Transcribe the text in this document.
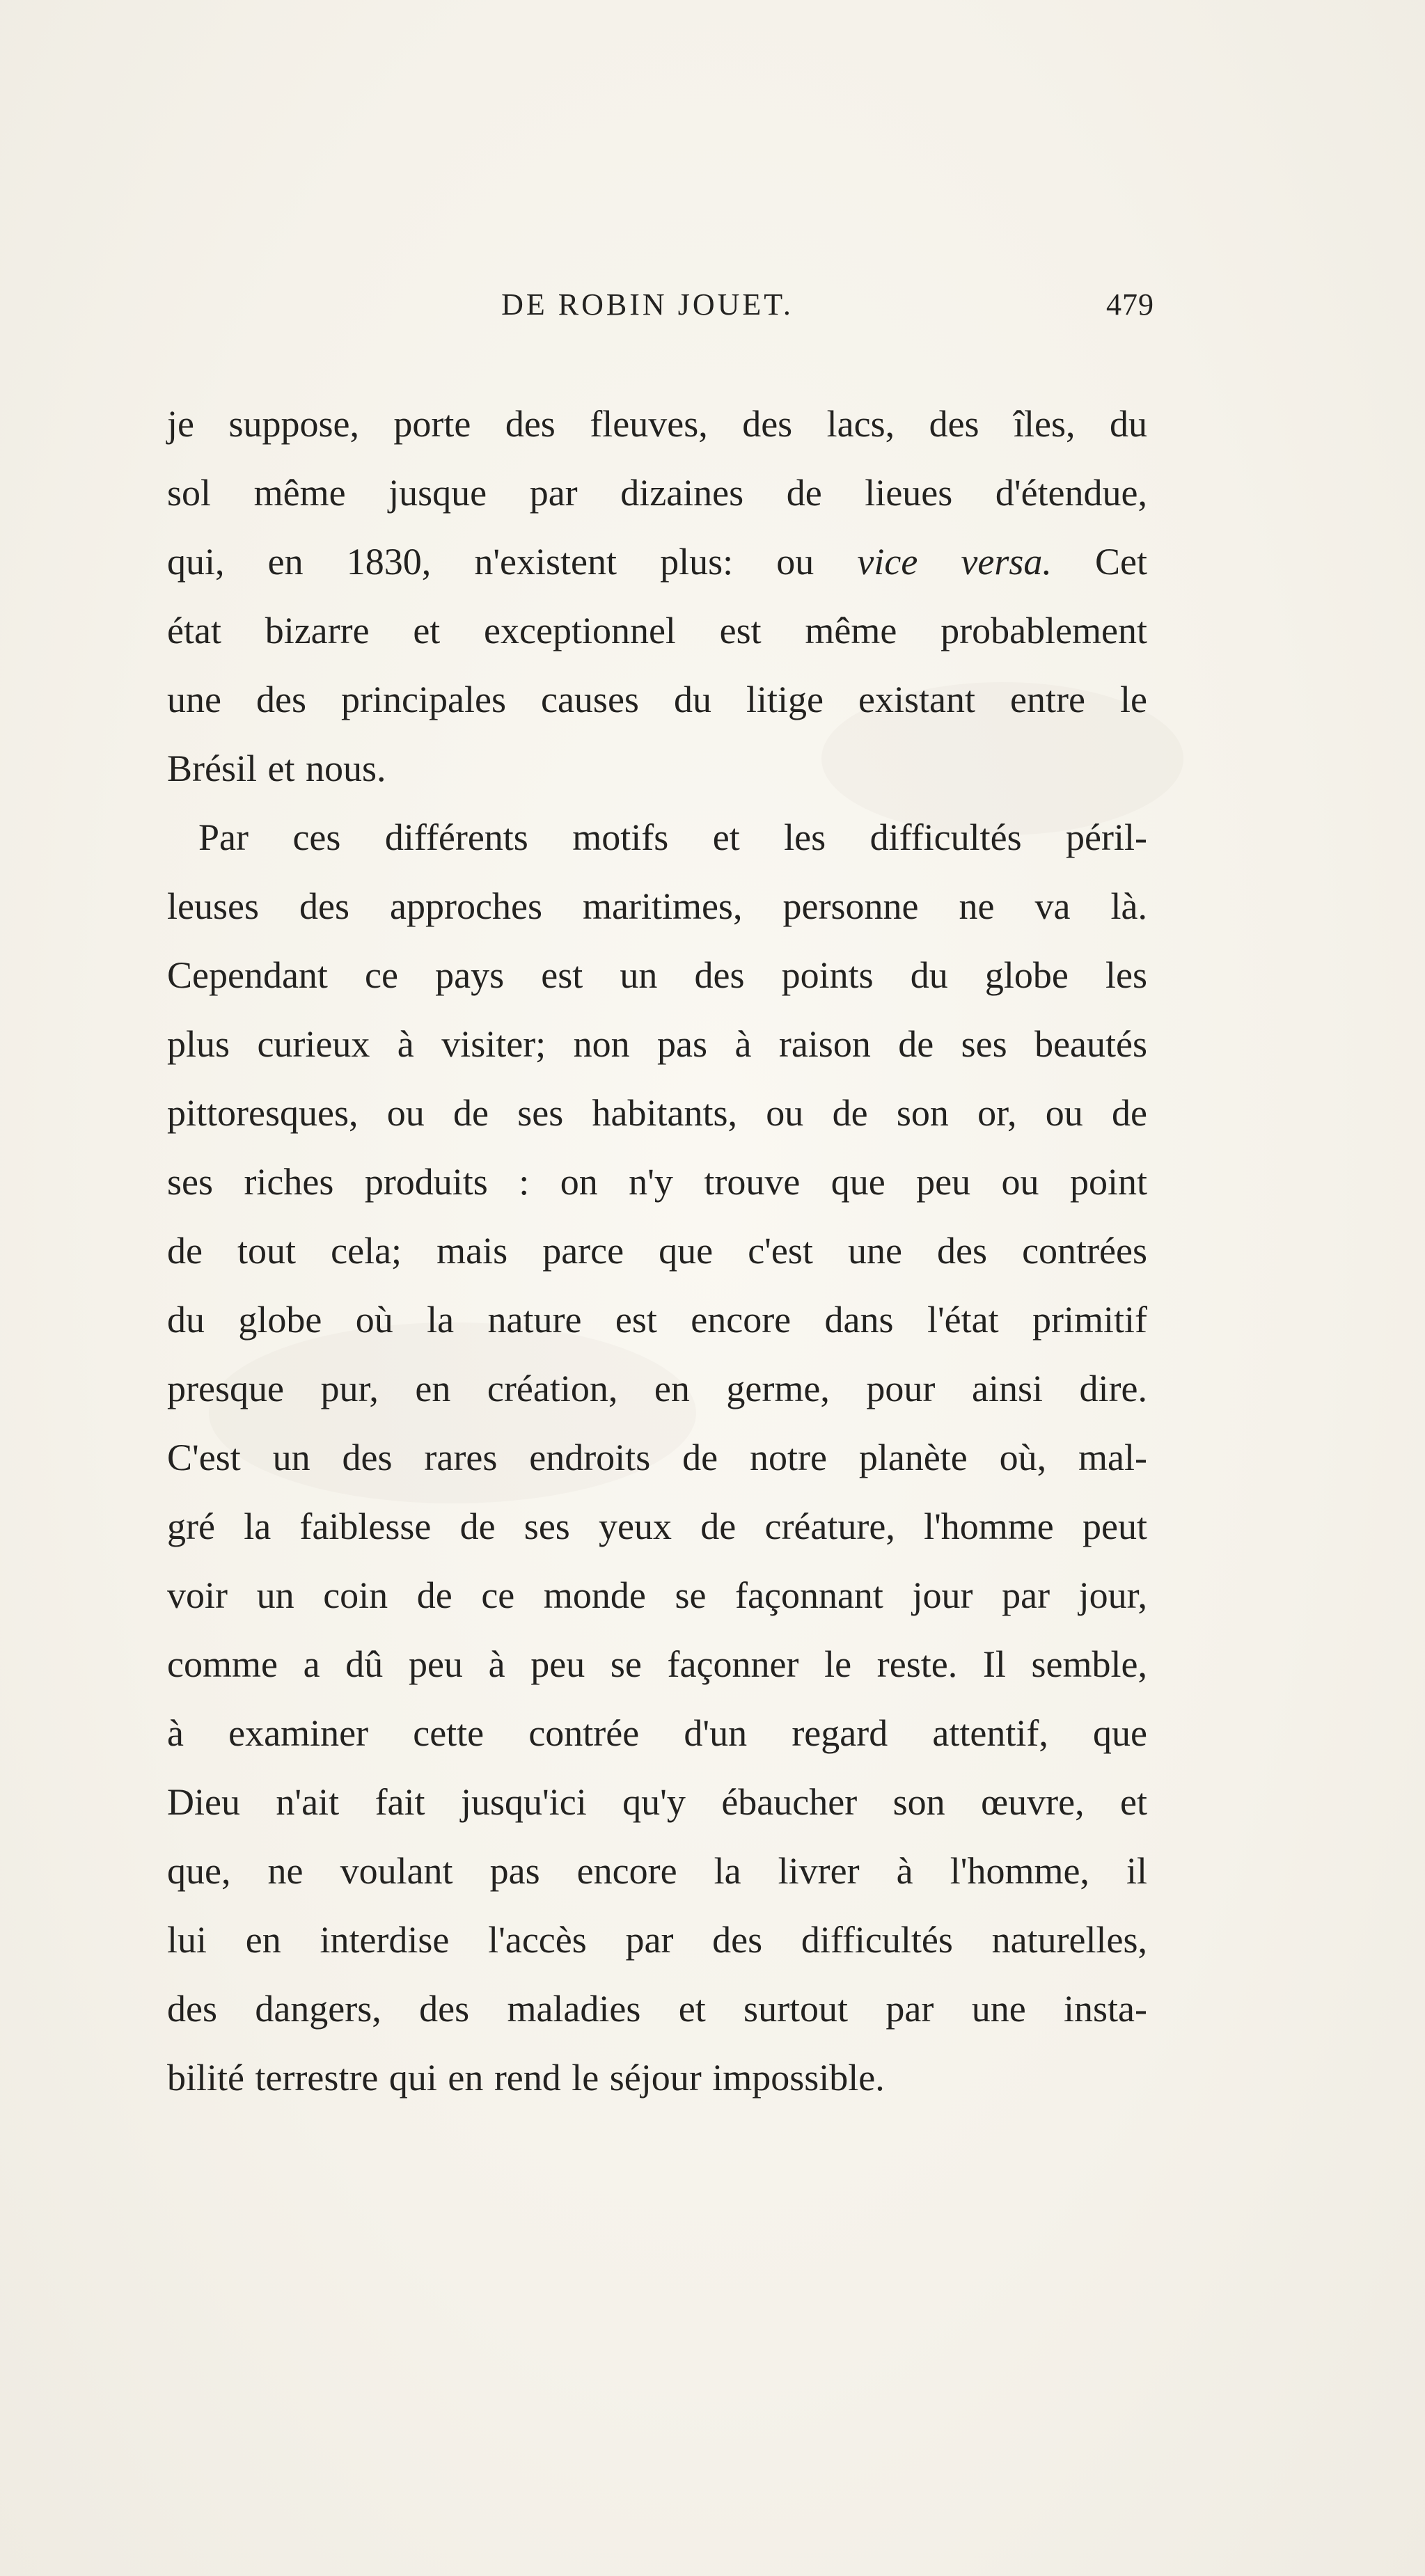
DE ROBIN JOUET.	479
je suppose, porte des fleuves, des lacs, des îles, du
sol même jusque par dizaines de lieues d'étendue,
qui, en 1830, n'existent plus: ou vice versa. Cet
état bizarre et exceptionnel est même probablement
une des principales causes du litige existant entre le
Brésil et nous.
Par ces différents motifs et les difficultés péril-
leuses des approches maritimes, personne ne va là.
Cependant ce pays est un des points du globe les
plus curieux à visiter; non pas à raison de ses beautés
pittoresques, ou de ses habitants, ou de son or, ou de
ses riches produits : on n'y trouve que peu ou point
de tout cela; mais parce que c'est une des contrées
du globe où la nature est encore dans l'état primitif
presque pur, en création, en germe, pour ainsi dire.
C'est un des rares endroits de notre planète où, mal-
gré la faiblesse de ses yeux de créature, l'homme peut
voir un coin de ce monde se façonnant jour par jour,
comme a dû peu à peu se façonner le reste. Il semble,
à examiner cette contrée d'un regard attentif, que
Dieu n'ait fait jusqu'ici qu'y ébaucher son œuvre, et
que, ne voulant pas encore la livrer à l'homme, il
lui en interdise l'accès par des difficultés naturelles,
des dangers, des maladies et surtout par une insta-
bilité terrestre qui en rend le séjour impossible.
